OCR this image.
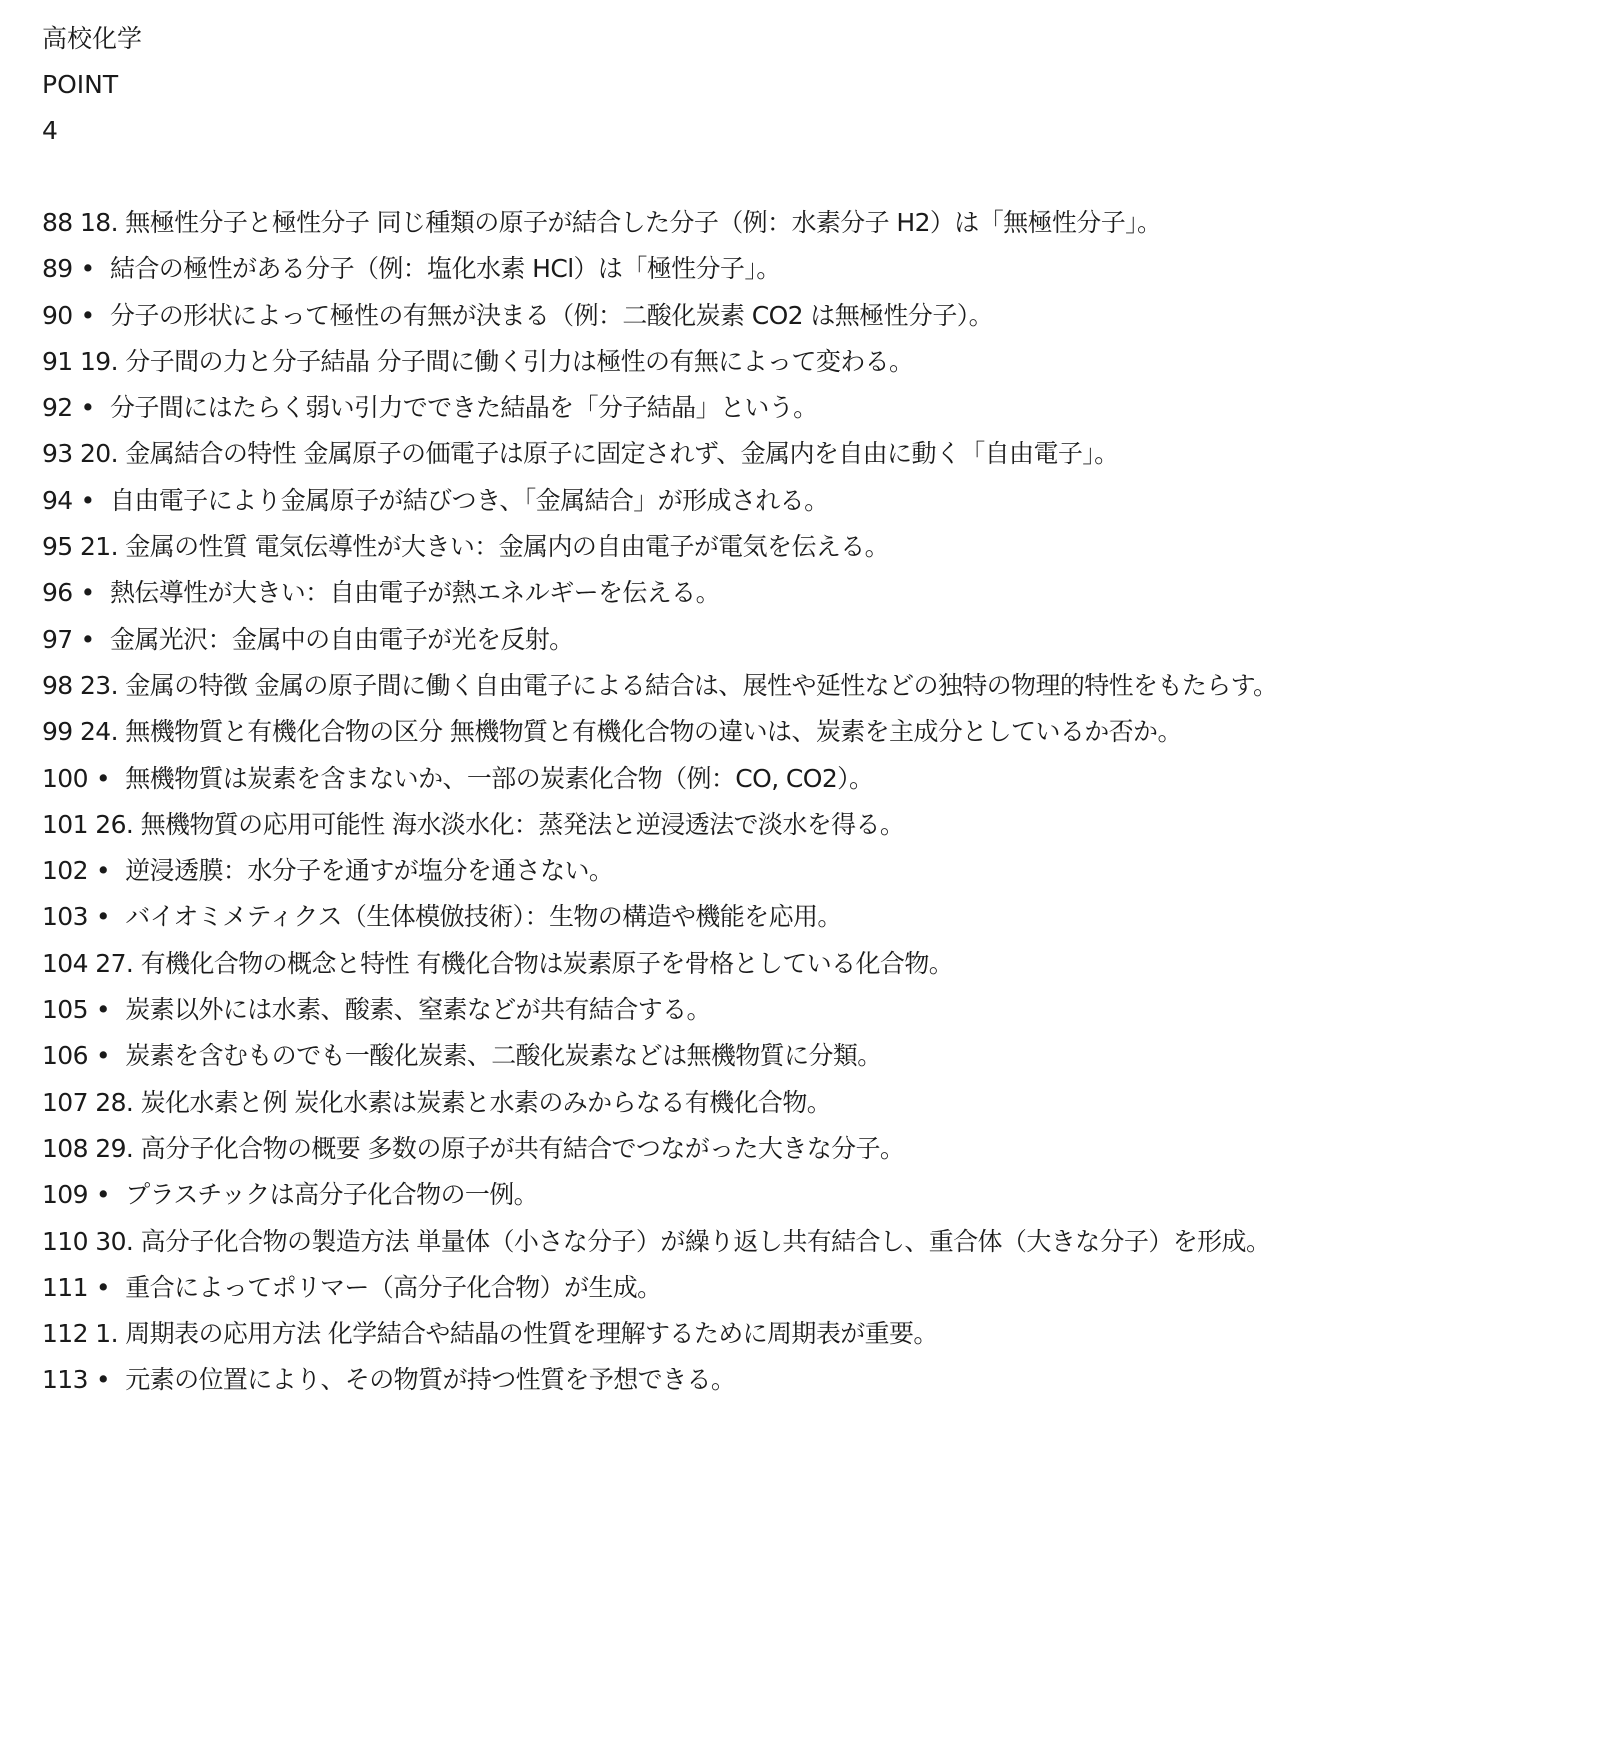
高校化学
POINT
4
88 18. 無極性分子と極性分子 同じ種類の原子が結合した分子（例：水素分子 H2）は「無極性分子」。
89 • 結合の極性がある分子（例：塩化水素 HCl）は「極性分子」。
90 • 分子の形状によって極性の有無が決まる（例：二酸化炭素 CO2 は無極性分子）。
91 19. 分子間の力と分子結晶 分子間に働く引力は極性の有無によって変わる。
92 • 分子間にはたらく弱い引力でできた結晶を「分子結晶」という。
93 20. 金属結合の特性 金属原子の価電子は原子に固定されず、金属内を自由に動く「自由電子」。
94 • 自由電子により金属原子が結びつき、「金属結合」が形成される。
95 21. 金属の性質 電気伝導性が大きい：金属内の自由電子が電気を伝える。
96 • 熱伝導性が大きい：自由電子が熱エネルギーを伝える。
97 • 金属光沢：金属中の自由電子が光を反射。
98 23. 金属の特徴 金属の原子間に働く自由電子による結合は、展性や延性などの独特の物理的特性をもたらす。
99 24. 無機物質と有機化合物の区分 無機物質と有機化合物の違いは、炭素を主成分としているか否か。
100 • 無機物質は炭素を含まないか、一部の炭素化合物（例：CO, CO2）。
101 26. 無機物質の応用可能性 海水淡水化：蒸発法と逆浸透法で淡水を得る。
102 • 逆浸透膜：水分子を通すが塩分を通さない。
103 • バイオミメティクス（生体模倣技術）：生物の構造や機能を応用。
104 27. 有機化合物の概念と特性 有機化合物は炭素原子を骨格としている化合物。
105 • 炭素以外には水素、酸素、窒素などが共有結合する。
106 • 炭素を含むものでも一酸化炭素、二酸化炭素などは無機物質に分類。
107 28. 炭化水素と例 炭化水素は炭素と水素のみからなる有機化合物。
108 29. 高分子化合物の概要 多数の原子が共有結合でつながった大きな分子。
109 • プラスチックは高分子化合物の一例。
110 30. 高分子化合物の製造方法 単量体（小さな分子）が繰り返し共有結合し、重合体（大きな分子）を形成。
111 • 重合によってポリマー（高分子化合物）が生成。
112 1. 周期表の応用方法 化学結合や結晶の性質を理解するために周期表が重要。
113 • 元素の位置により、その物質が持つ性質を予想できる。
